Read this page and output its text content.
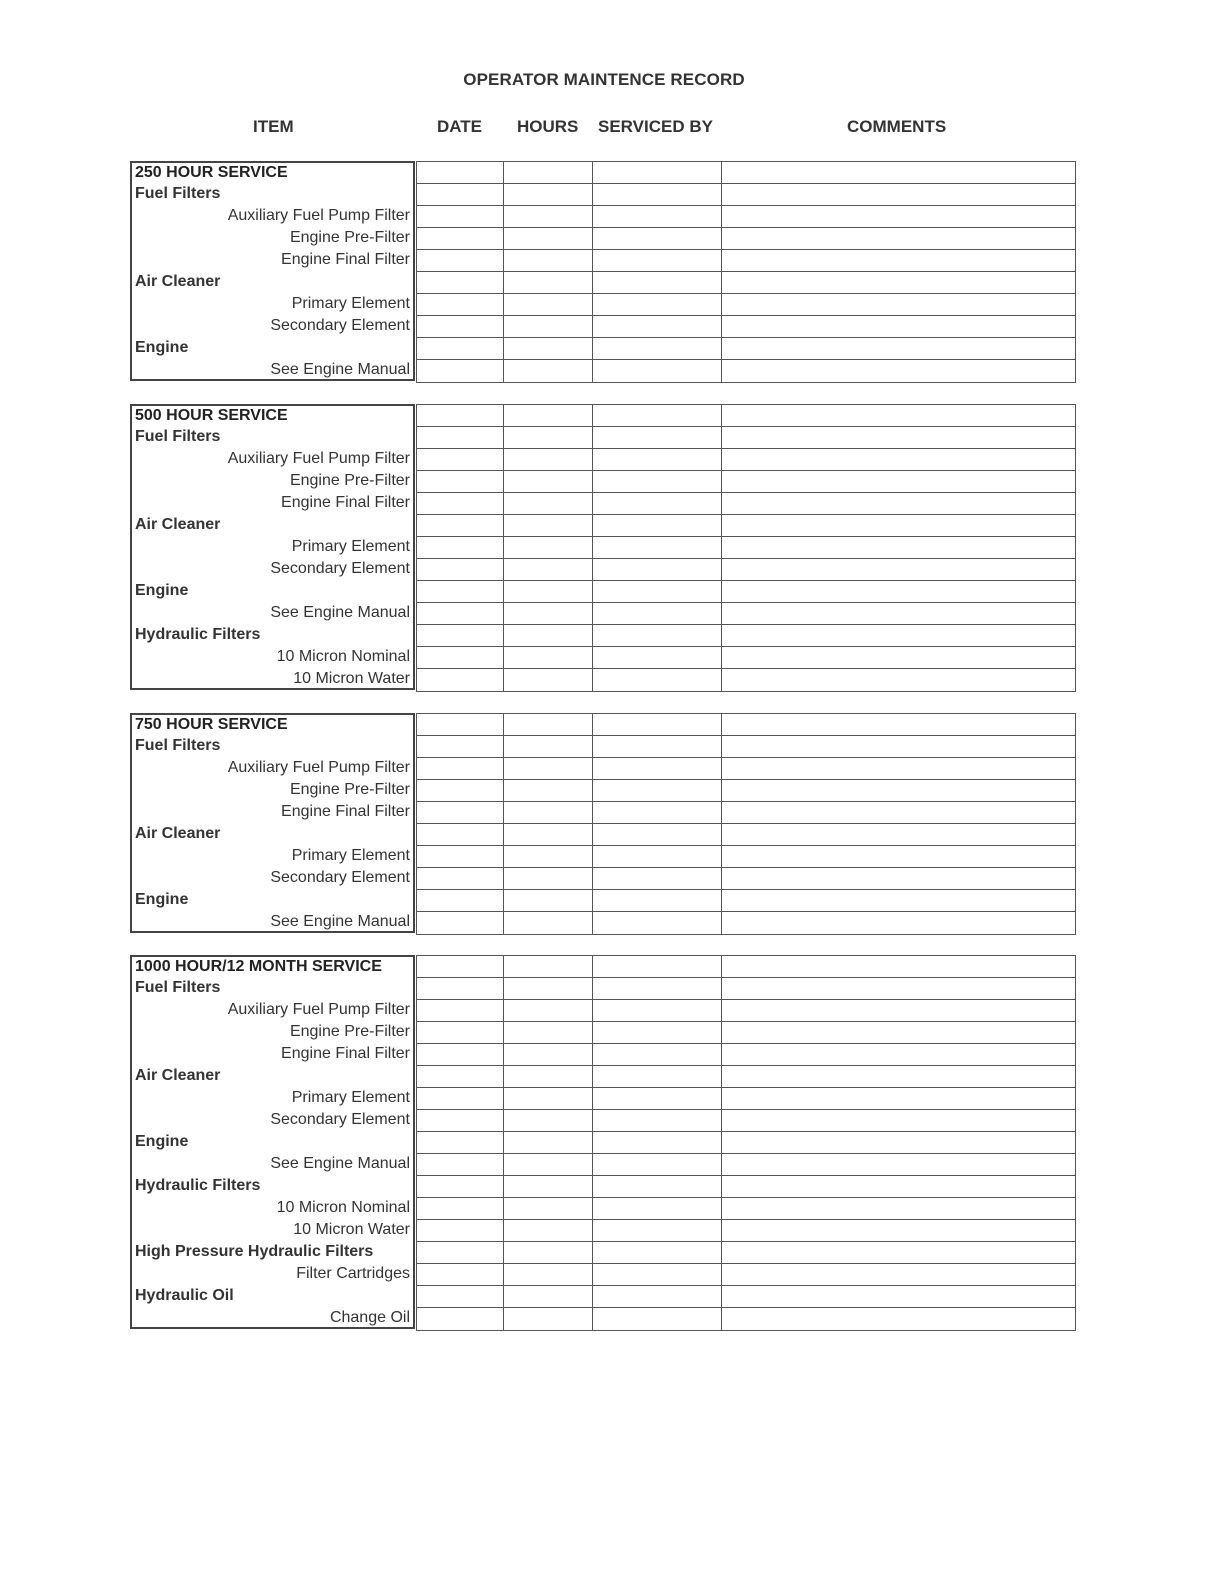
OPERATOR MAINTENCE RECORD
ITEM	DATE HOURS SERVICED BY	COMMENTS
250 HOUR SERVICE
Fuel Filters
Auxiliary Fuel Pump Filter
Engine Pre-Filter
Engine Final Filter
Air Cleaner
Primary Element
Secondary Element
Engine
See Engine Manual
500 HOUR SERVICE
Fuel Filters
Auxiliary Fuel Pump Filter
Engine Pre-Filter
Engine Final Filter
Air Cleaner
Primary Element
Secondary Element
Engine
See Engine Manual
Hydraulic Filters
10 Micron Nominal
10 Micron Water
750 HOUR SERVICE
Fuel Filters
Auxiliary Fuel Pump Filter
Engine Pre-Filter
Engine Final Filter
Air Cleaner
Primary Element
Secondary Element
Engine
See Engine Manual
1000 HOUR/12 MONTH SERVICE
Fuel Filters
Auxiliary Fuel Pump Filter
Engine Pre-Filter
Engine Final Filter
Air Cleaner
Primary Element
Secondary Element
Engine
See Engine Manual
Hydraulic Filters
10 Micron Nominal
10 Micron Water
High Pressure Hydraulic Filters
Filter Cartridges
Hydraulic Oil
Change Oil
